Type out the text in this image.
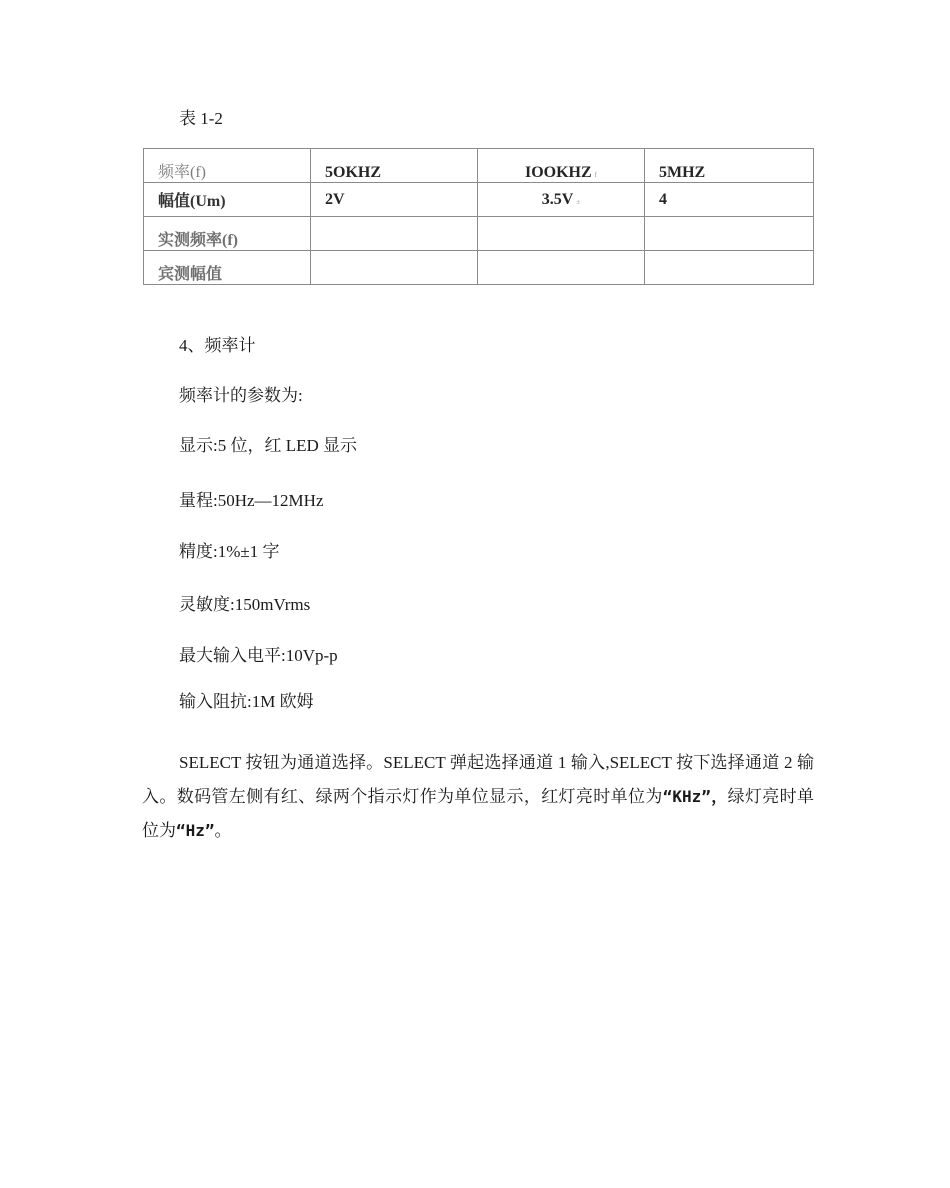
表 1-2
频率(f)	5OKHZ	IOOKHZ f	5MHZ
幅值(Um)	2V	3.5V ±	4
实测频率(f)			
宾测幅值			
4、频率计
频率计的参数为:
显示:5 位，红 LED 显示
量程:50Hz—12MHz
精度:1%±1 字
灵敏度:150mVrms
最大输入电平:10Vp-p
输入阻抗:1M 欧姆
SELECT 按钮为通道选择。SELECT 弹起选择通道 1 输入,SELECT 按下选择通道 2 输入。数码管左侧有红、绿两个指示灯作为单位显示，红灯亮时单位为“KHz”，绿灯亮时单位为“Hz”。
